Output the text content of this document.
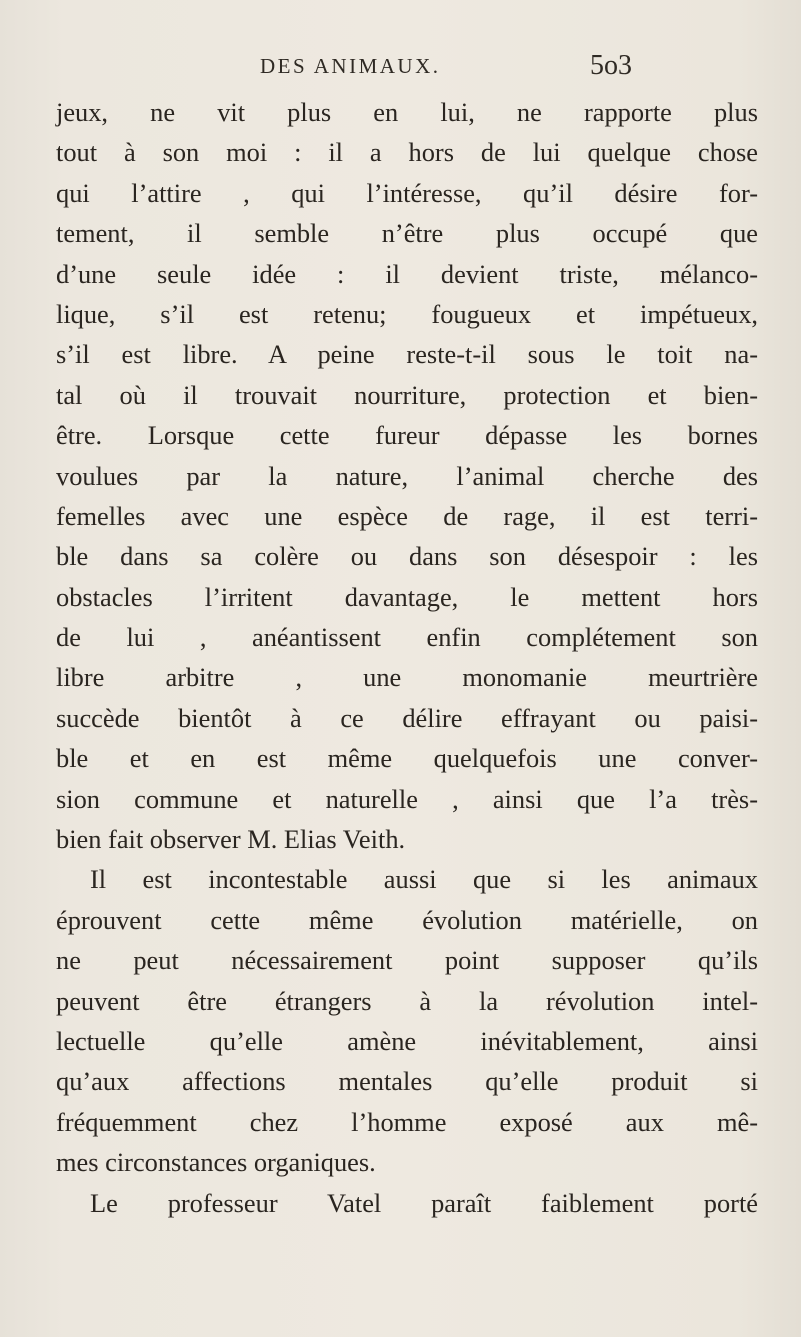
DES ANIMAUX.	5o3
jeux, ne vit plus en lui, ne rapporte plus
tout à son moi : il a hors de lui quelque chose
qui l’attire , qui l’intéresse, qu’il désire for-
tement, il semble n’être plus occupé que
d’une seule idée : il devient triste, mélanco-
lique, s’il est retenu; fougueux et impétueux,
s’il est libre. A peine reste-t-il sous le toit na-
tal où il trouvait nourriture, protection et bien-
être. Lorsque cette fureur dépasse les bornes
voulues par la nature, l’animal cherche des
femelles avec une espèce de rage, il est terri-
ble dans sa colère ou dans son désespoir : les
obstacles l’irritent davantage, le mettent hors
de lui , anéantissent enfin complétement son
libre arbitre , une monomanie meurtrière
succède bientôt à ce délire effrayant ou paisi-
ble et en est même quelquefois une conver-
sion commune et naturelle , ainsi que l’a très-
bien fait observer M. Elias Veith.
Il est incontestable aussi que si les animaux
éprouvent cette même évolution matérielle, on
ne peut nécessairement point supposer qu’ils
peuvent être étrangers à la révolution intel-
lectuelle qu’elle amène inévitablement, ainsi
qu’aux affections mentales qu’elle produit si
fréquemment chez l’homme exposé aux mê-
mes circonstances organiques.
Le professeur Vatel paraît faiblement porté
